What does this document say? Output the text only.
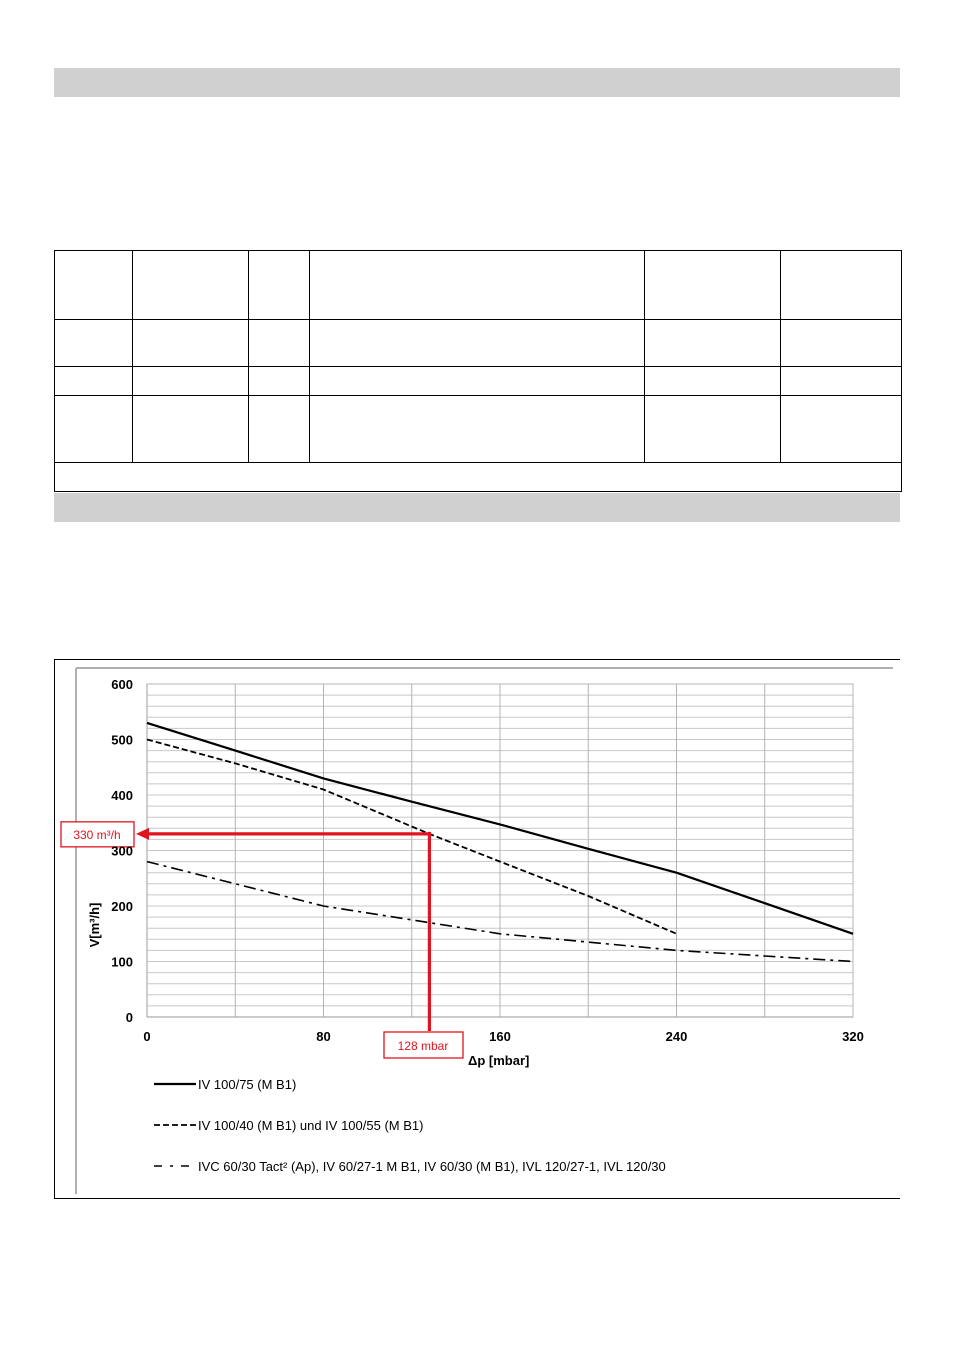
330 m³/h
128 mbar
0
100
200
300
400
500
600
0	80	160	240	320
Δp [mbar]
V[m³/h]
IV 100/75 (M B1)
IV 100/40 (M B1) und IV 100/55 (M B1)
IVC 60/30 Tact² (Ap), IV 60/27-1 M B1, IV 60/30 (M B1), IVL 120/27-1, IVL 120/30
